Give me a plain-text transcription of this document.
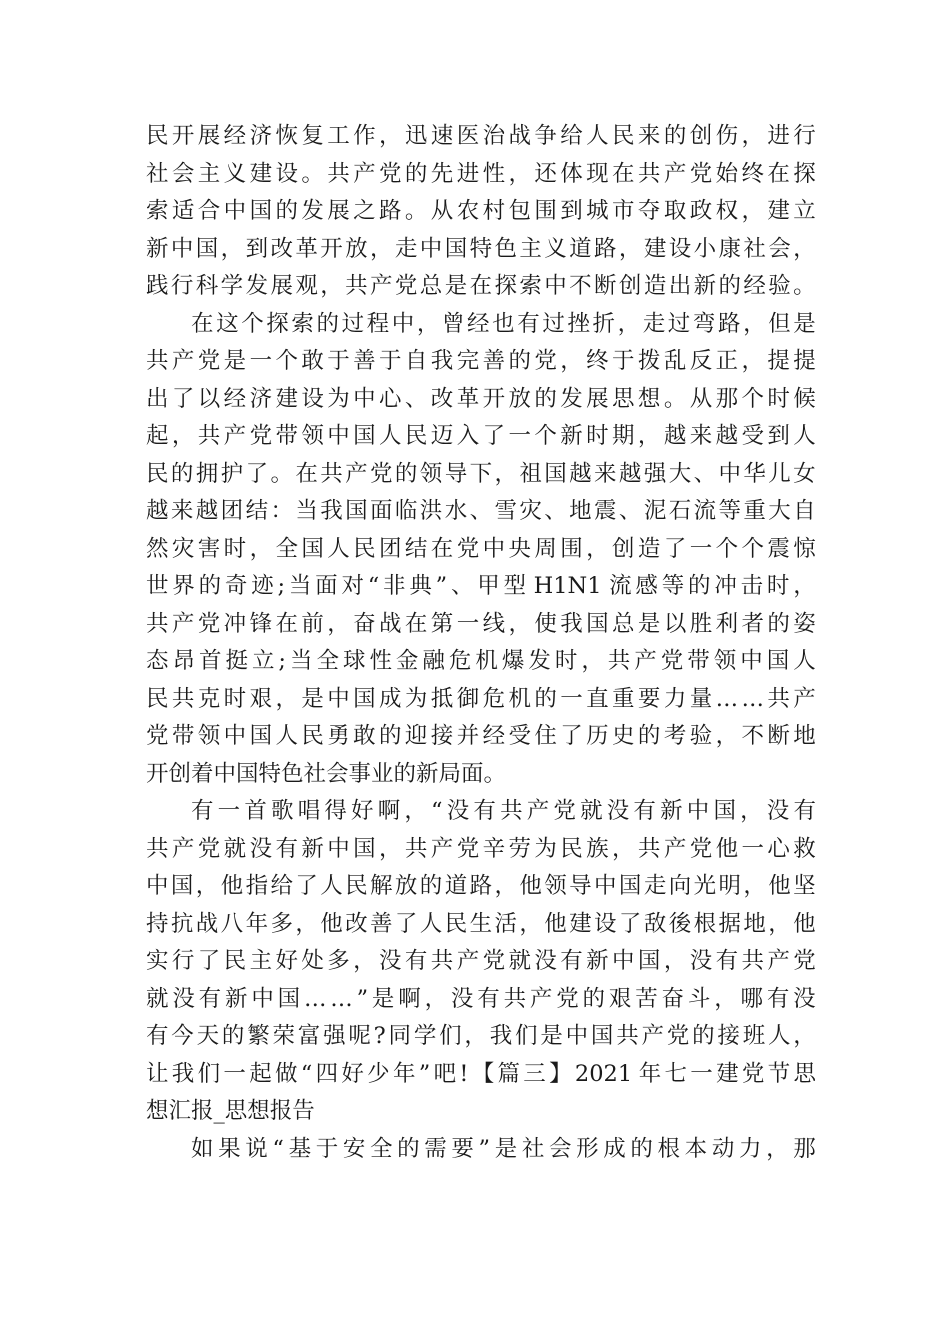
民 开 展 经 济 恢 复 工 作 ， 迅 速 医 治 战 争 给 人 民 来 的 创 伤 ， 进 行
社 会 主 义 建 设 。 共 产 党 的 先 进 性 ， 还 体 现 在 共 产 党 始 终 在 探
索 适 合 中 国 的 发 展 之 路 。 从 农 村 包 围 到 城 市 夺 取 政 权 ， 建 立
新 中 国 ， 到 改 革 开 放 ， 走 中 国 特 色 主 义 道 路 ， 建 设 小 康 社 会 ，
践 行 科 学 发 展 观 ， 共 产 党 总 是 在 探 索 中 不 断 创 造 出 新 的 经 验 。
在 这 个 探 索 的 过 程 中 ， 曾 经 也 有 过 挫 折 ， 走 过 弯 路 ， 但 是
共 产 党 是 一 个 敢 于 善 于 自 我 完 善 的 党 ， 终 于 拨 乱 反 正 ， 提 提
出 了 以 经 济 建 设 为 中 心 、 改 革 开 放 的 发 展 思 想 。 从 那 个 时 候
起 ， 共 产 党 带 领 中 国 人 民 迈 入 了 一 个 新 时 期 ， 越 来 越 受 到 人
民 的 拥 护 了 。 在 共 产 党 的 领 导 下 ， 祖 国 越 来 越 强 大 、 中 华 儿 女
越 来 越 团 结 ： 当 我 国 面 临 洪 水 、 雪 灾 、 地 震 、 泥 石 流 等 重 大 自
然 灾 害 时 ， 全 国 人 民 团 结 在 党 中 央 周 围 ， 创 造 了 一 个 个 震 惊
世 界 的 奇 迹 ; 当 面 对 “ 非 典 ” 、 甲 型 H1N1 流 感 等 的 冲 击 时 ，
共 产 党 冲 锋 在 前 ， 奋 战 在 第 一 线 ， 使 我 国 总 是 以 胜 利 者 的 姿
态 昂 首 挺 立 ; 当 全 球 性 金 融 危 机 爆 发 时 ， 共 产 党 带 领 中 国 人
民 共 克 时 艰 ， 是 中 国 成 为 抵 御 危 机 的 一 直 重 要 力 量 … … 共 产
党 带 领 中 国 人 民 勇 敢 的 迎 接 并 经 受 住 了 历 史 的 考 验 ， 不 断 地
开创着中国特色社会事业的新局面。
有 一 首 歌 唱 得 好 啊 ， “ 没 有 共 产 党 就 没 有 新 中 国 ， 没 有
共 产 党 就 没 有 新 中 国 ， 共 产 党 辛 劳 为 民 族 ， 共 产 党 他 一 心 救
中 国 ， 他 指 给 了 人 民 解 放 的 道 路 ， 他 领 导 中 国 走 向 光 明 ， 他 坚
持 抗 战 八 年 多 ， 他 改 善 了 人 民 生 活 ， 他 建 设 了 敌 後 根 据 地 ， 他
实 行 了 民 主 好 处 多 ， 没 有 共 产 党 就 没 有 新 中 国 ， 没 有 共 产 党
就 没 有 新 中 国 … … ” 是 啊 ， 没 有 共 产 党 的 艰 苦 奋 斗 ， 哪 有 没
有 今 天 的 繁 荣 富 强 呢 ? 同 学 们 ， 我 们 是 中 国 共 产 党 的 接 班 人 ，
让 我 们 一 起 做 “ 四 好 少 年 ” 吧 ! 【 篇 三 】 2021 年 七 一 建 党 节 思
想汇报_思想报告
如 果 说 “ 基 于 安 全 的 需 要 ” 是 社 会 形 成 的 根 本 动 力 ， 那
